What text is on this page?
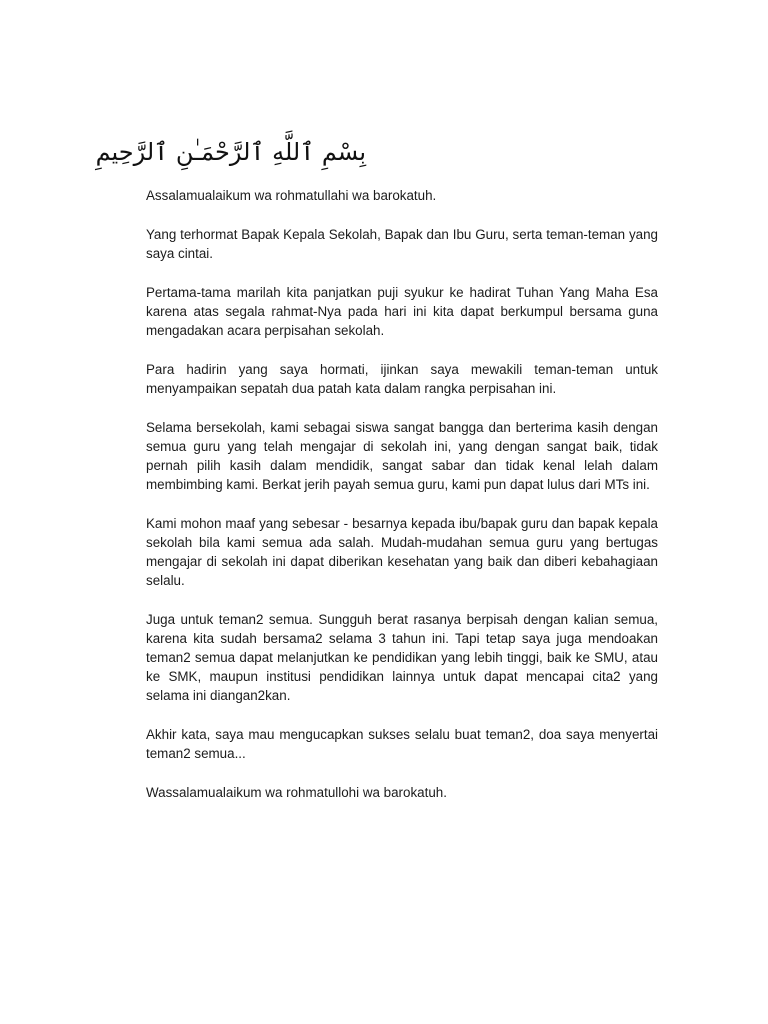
بِسْمِ ٱللَّهِ ٱلرَّحْمَـٰنِ ٱلرَّحِيمِ

Assalamualaikum wa rohmatullahi wa barokatuh.

Yang terhormat Bapak Kepala Sekolah, Bapak dan Ibu Guru, serta teman-teman yang saya cintai.

Pertama-tama marilah kita panjatkan puji syukur ke hadirat Tuhan Yang Maha Esa karena atas segala rahmat-Nya pada hari ini kita dapat berkumpul bersama guna mengadakan acara perpisahan sekolah.

Para hadirin yang saya hormati, ijinkan saya mewakili teman-teman untuk menyampaikan sepatah dua patah kata dalam rangka perpisahan ini.

Selama bersekolah, kami sebagai siswa sangat bangga dan berterima kasih dengan semua guru yang telah mengajar di sekolah ini, yang dengan sangat baik, tidak pernah pilih kasih dalam mendidik, sangat sabar dan tidak kenal lelah dalam membimbing kami. Berkat jerih payah semua guru, kami pun dapat lulus dari MTs ini.

Kami mohon maaf yang sebesar - besarnya kepada ibu/bapak guru dan bapak kepala sekolah bila kami semua ada salah. Mudah-mudahan semua guru yang bertugas mengajar di sekolah ini dapat diberikan kesehatan yang baik dan diberi kebahagiaan selalu.

Juga untuk teman2 semua. Sungguh berat rasanya berpisah dengan kalian semua, karena kita sudah bersama2 selama 3 tahun ini. Tapi tetap saya juga mendoakan teman2 semua dapat melanjutkan ke pendidikan yang lebih tinggi, baik ke SMU, atau ke SMK, maupun institusi pendidikan lainnya untuk dapat mencapai cita2 yang selama ini diangan2kan.

Akhir kata, saya mau mengucapkan sukses selalu buat teman2, doa saya menyertai teman2 semua...

Wassalamualaikum wa rohmatullohi wa barokatuh.
